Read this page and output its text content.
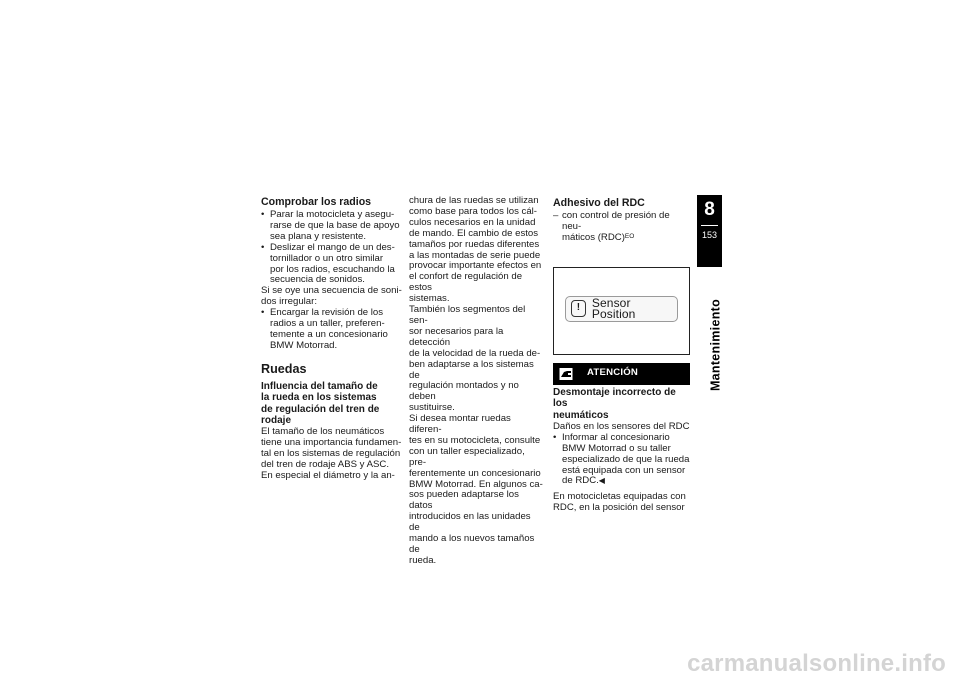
Comprobar los radios
• Parar la motocicleta y asegu-
rarse de que la base de apoyo
sea plana y resistente.
• Deslizar el mango de un des-
tornillador o un otro similar
por los radios, escuchando la
secuencia de sonidos.

Si se oye una secuencia de soni-
dos irregular:

• Encargar la revisión de los
radios a un taller, preferen-
temente a un concesionario
BMW Motorrad.
Ruedas
Influencia del tamaño de
la rueda en los sistemas
de regulación del tren de
rodaje

El tamaño de los neumáticos
tiene una importancia fundamen-
tal en los sistemas de regulación
del tren de rodaje ABS y ASC.
En especial el diámetro y la an-

chura de las ruedas se utilizan
como base para todos los cál-
culos necesarios en la unidad
de mando. El cambio de estos
tamaños por ruedas diferentes
a las montadas de serie puede
provocar importante efectos en
el confort de regulación de estos
sistemas.

También los segmentos del sen-
sor necesarios para la detección
de la velocidad de la rueda de-
ben adaptarse a los sistemas de
regulación montados y no deben
sustituirse.

Si desea montar ruedas diferen-
tes en su motocicleta, consulte
con un taller especializado, pre-
ferentemente un concesionario
BMW Motorrad. En algunos ca-
sos pueden adaptarse los datos
introducidos en las unidades de
mando a los nuevos tamaños de
rueda.

Adhesivo del RDC
– con control de presión de neu-
máticos (RDC)$^{EO}$
! Sensor Position
ATENCIÓN
Desmontaje incorrecto de los
neumáticos

Daños en los sensores del RDC

• Informar al concesionario
BMW Motorrad o su taller
especializado de que la rueda
está equipada con un sensor
de RDC.◀

En motocicletas equipadas con
RDC, en la posición del sensor

8
153
Mantenimiento
carmanualsonline.info
